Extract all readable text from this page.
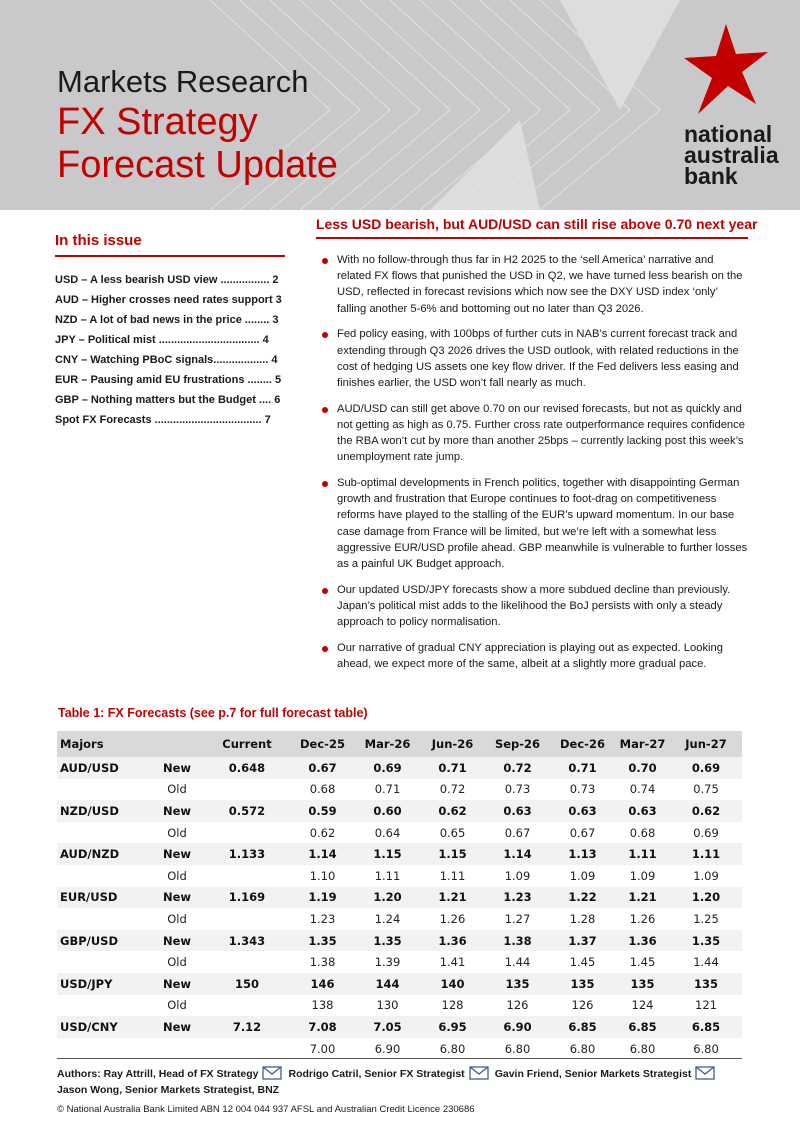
Markets Research
FX Strategy
Forecast Update
national
australia
bank
In this issue
USD – A less bearish USD view ................ 2
AUD – Higher crosses need rates support 3
NZD – A lot of bad news in the price ........ 3
JPY – Political mist ................................. 4
CNY – Watching PBoC signals.................. 4
EUR – Pausing amid EU frustrations ........ 5
GBP – Nothing matters but the Budget .... 6
Spot FX Forecasts ................................... 7
Less USD bearish, but AUD/USD can still rise above 0.70 next year
With no follow-through thus far in H2 2025 to the ‘sell America’ narrative and related FX flows that punished the USD in Q2, we have turned less bearish on the USD, reflected in forecast revisions which now see the DXY USD index ‘only’ falling another 5-6% and bottoming out no later than Q3 2026.
Fed policy easing, with 100bps of further cuts in NAB’s current forecast track and extending through Q3 2026 drives the USD outlook, with related reductions in the cost of hedging US assets one key flow driver. If the Fed delivers less easing and finishes earlier, the USD won’t fall nearly as much.
AUD/USD can still get above 0.70 on our revised forecasts, but not as quickly and not getting as high as 0.75. Further cross rate outperformance requires confidence the RBA won’t cut by more than another 25bps – currently lacking post this week’s unemployment rate jump.
Sub-optimal developments in French politics, together with disappointing German growth and frustration that Europe continues to foot-drag on competitiveness reforms have played to the stalling of the EUR’s upward momentum. In our base case damage from France will be limited, but we’re left with a somewhat less aggressive EUR/USD profile ahead. GBP meanwhile is vulnerable to further losses as a painful UK Budget approach.
Our updated USD/JPY forecasts show a more subdued decline than previously. Japan’s political mist adds to the likelihood the BoJ persists with only a steady approach to policy normalisation.
Our narrative of gradual CNY appreciation is playing out as expected. Looking ahead, we expect more of the same, albeit at a slightly more gradual pace.
Table 1: FX Forecasts (see p.7 for full forecast table)
Majors		Current	Dec-25	Mar-26	Jun-26	Sep-26	Dec-26	Mar-27	Jun-27
AUD/USD	New	0.648	0.67	0.69	0.71	0.72	0.71	0.70	0.69
	Old		0.68	0.71	0.72	0.73	0.73	0.74	0.75
NZD/USD	New	0.572	0.59	0.60	0.62	0.63	0.63	0.63	0.62
	Old		0.62	0.64	0.65	0.67	0.67	0.68	0.69
AUD/NZD	New	1.133	1.14	1.15	1.15	1.14	1.13	1.11	1.11
	Old		1.10	1.11	1.11	1.09	1.09	1.09	1.09
EUR/USD	New	1.169	1.19	1.20	1.21	1.23	1.22	1.21	1.20
	Old		1.23	1.24	1.26	1.27	1.28	1.26	1.25
GBP/USD	New	1.343	1.35	1.35	1.36	1.38	1.37	1.36	1.35
	Old		1.38	1.39	1.41	1.44	1.45	1.45	1.44
USD/JPY	New	150	146	144	140	135	135	135	135
	Old		138	130	128	126	126	124	121
USD/CNY	New	7.12	7.08	7.05	6.95	6.90	6.85	6.85	6.85
			7.00	6.90	6.80	6.80	6.80	6.80	6.80
Authors: Ray Attrill, Head of FX Strategy	Rodrigo Catril, Senior FX Strategist	Gavin Friend, Senior Markets Strategist
Jason Wong, Senior Markets Strategist, BNZ
© National Australia Bank Limited ABN 12 004 044 937 AFSL and Australian Credit Licence 230686
